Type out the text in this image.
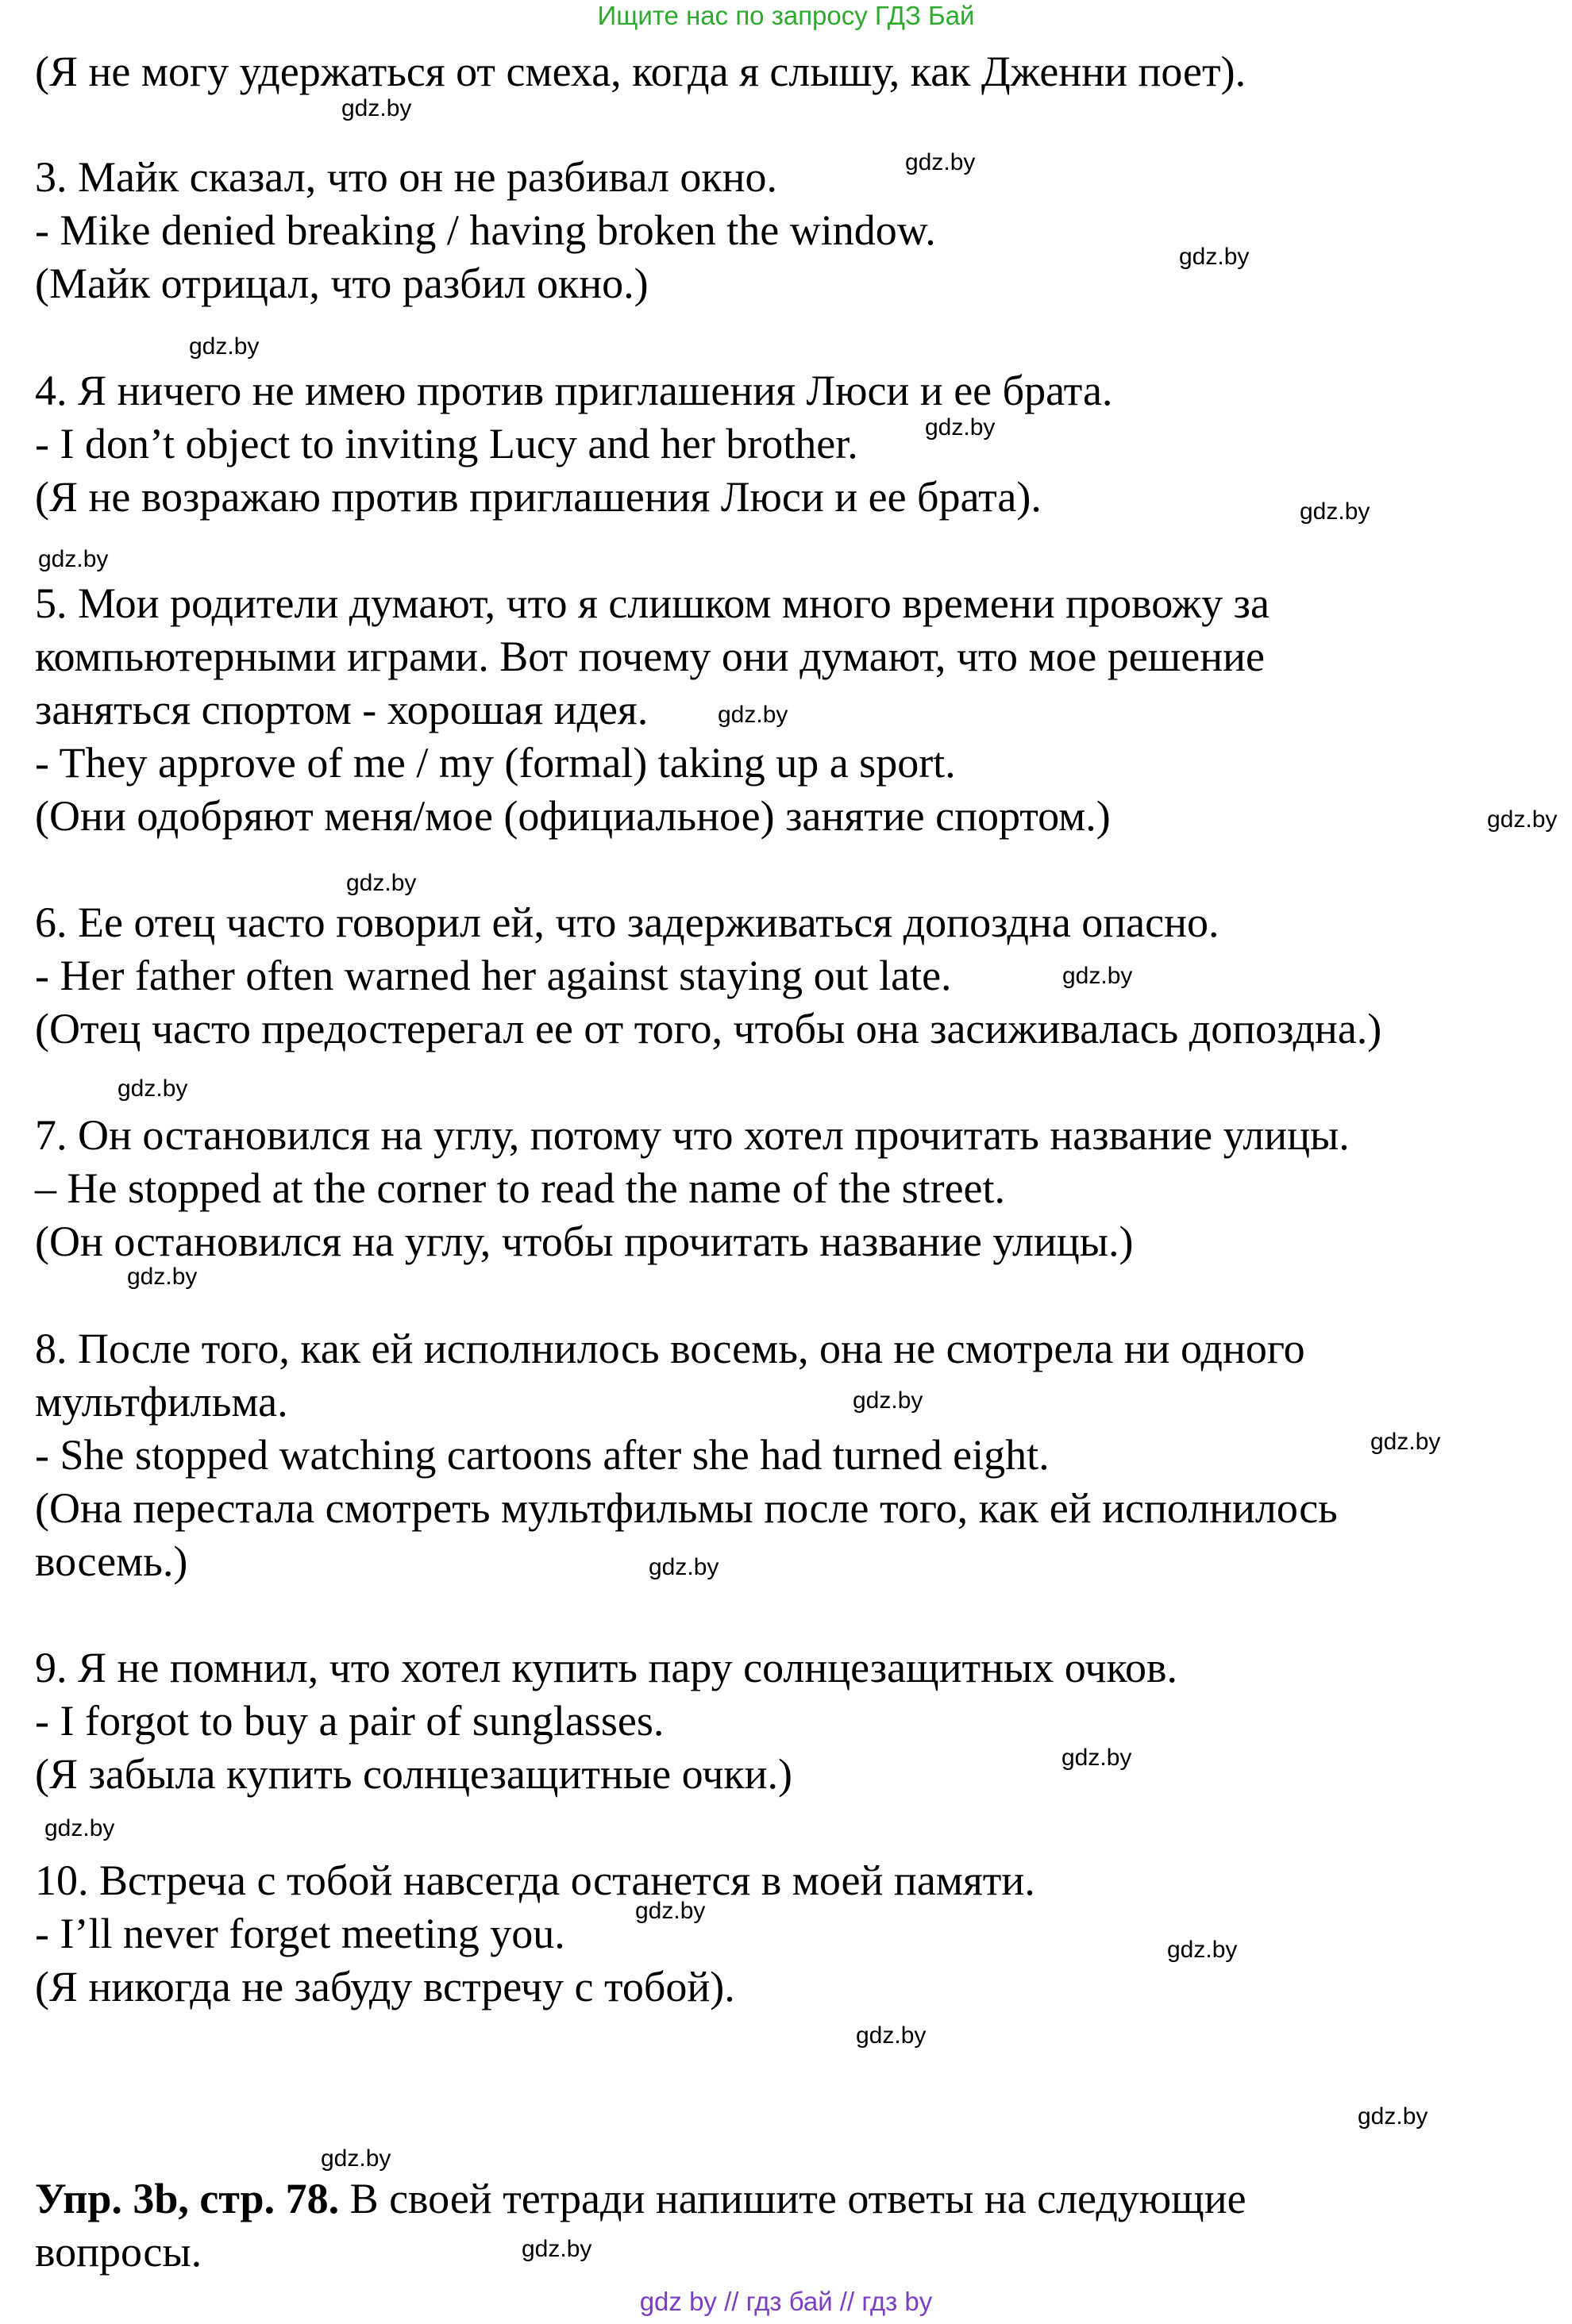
Ищите нас по запросу ГДЗ Бай

(Я не могу удержаться от смеха, когда я слышу, как Дженни поет).

3. Майк сказал, что он не разбивал окно.

- Mike denied breaking / having broken the window.

(Майк отрицал, что разбил окно.)

4. Я ничего не имею против приглашения Люси и ее брата.

- I don’t object to inviting Lucy and her brother.

(Я не возражаю против приглашения Люси и ее брата).

5. Мои родители думают, что я слишком много времени провожу за

компьютерными играми. Вот почему они думают, что мое решение

заняться спортом - хорошая идея.

- They approve of me / my (formal) taking up a sport.

(Они одобряют меня/мое (официальное) занятие спортом.)

6. Ее отец часто говорил ей, что задерживаться допоздна опасно.

- Her father often warned her against staying out late.

(Отец часто предостерегал ее от того, чтобы она засиживалась допоздна.)

7. Он остановился на углу, потому что хотел прочитать название улицы.

– He stopped at the corner to read the name of the street.

(Он остановился на углу, чтобы прочитать название улицы.)

8. После того, как ей исполнилось восемь, она не смотрела ни одного

мультфильма.

- She stopped watching cartoons after she had turned eight.

(Она перестала смотреть мультфильмы после того, как ей исполнилось

восемь.)

9. Я не помнил, что хотел купить пару солнцезащитных очков.

- I forgot to buy a pair of sunglasses.

(Я забыла купить солнцезащитные очки.)

10. Встреча с тобой навсегда останется в моей памяти.

- I’ll never forget meeting you.

(Я никогда не забуду встречу с тобой).

Упр. 3b, стр. 78. В своей тетради напишите ответы на следующие

вопросы.

gdz.by
gdz.by
gdz.by
gdz.by
gdz.by
gdz.by
gdz.by
gdz.by
gdz.by
gdz.by
gdz.by
gdz.by
gdz.by
gdz.by
gdz.by
gdz.by
gdz.by
gdz.by
gdz.by
gdz.by
gdz.by
gdz.by
gdz.by
gdz.by
gdz by // гдз бай // гдз by
